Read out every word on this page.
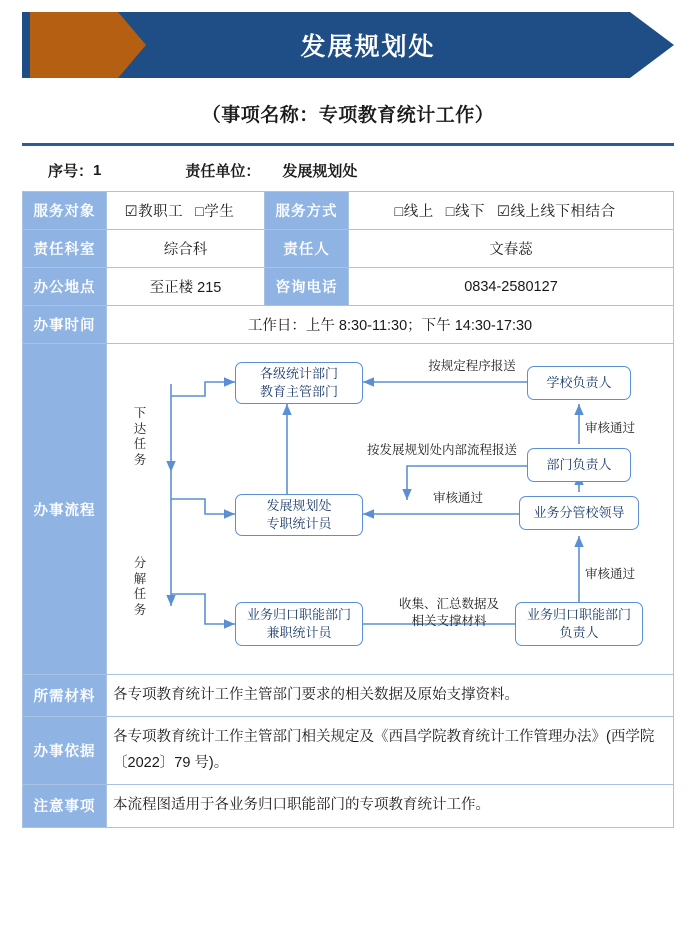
发展规划处
（事项名称：专项教育统计工作）
序号： 1	责任单位： 发展规划处
服务对象	☑教职工 □学生	服务方式	□线上 □线下 ☑线上线下相结合
责任科室	综合科	责任人	文春蕊
办公地点	至正楼 215	咨询电话	0834-2580127
办事时间	工作日：上午 8:30-11:30；下午 14:30-17:30		
办事流程	
下达任务
分解任务
各级统计部门
教育主管部门
发展规划处
专职统计员
业务归口职能部门
兼职统计员
学校负责人
部门负责人
业务分管校领导
业务归口职能部门
负责人
按规定程序报送
按发展规划处内部流程报送
审核通过
审核通过
审核通过
收集、汇总数据及
相关支撑材料

所需材料	各专项教育统计工作主管部门要求的相关数据及原始支撑资料。		
办事依据	各专项教育统计工作主管部门相关规定及《西昌学院教育统计工作管理办法》(西学院〔2022〕79 号)。		
注意事项	本流程图适用于各业务归口职能部门的专项教育统计工作。		
